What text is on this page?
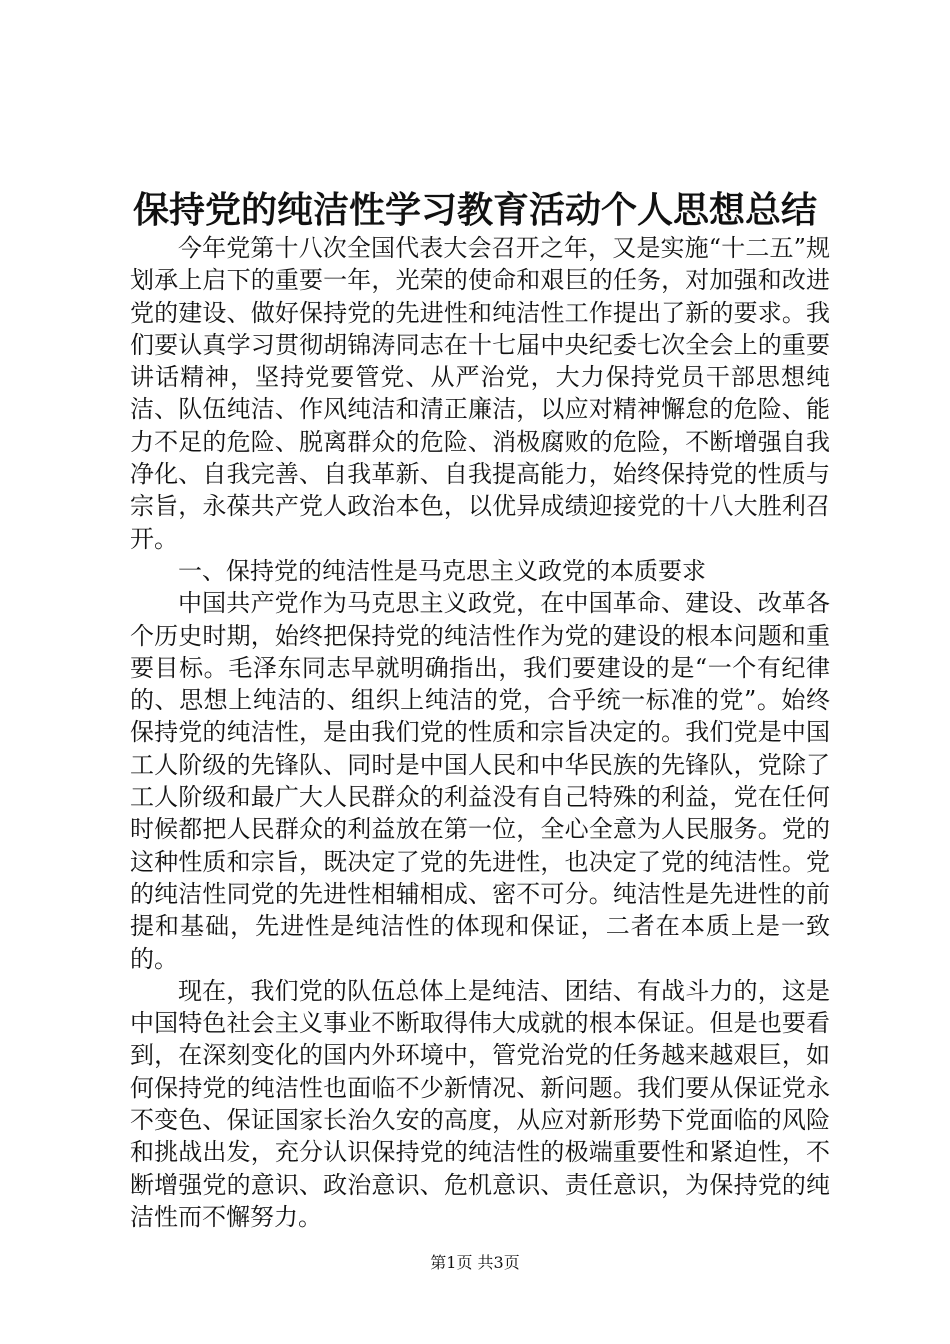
保持党的纯洁性学习教育活动个人思想总结

今年党第十八次全国代表大会召开之年，又是实施“十二五”规划承上启下的重要一年，光荣的使命和艰巨的任务，对加强和改进党的建设、做好保持党的先进性和纯洁性工作提出了新的要求。我们要认真学习贯彻胡锦涛同志在十七届中央纪委七次全会上的重要讲话精神，坚持党要管党、从严治党，大力保持党员干部思想纯洁、队伍纯洁、作风纯洁和清正廉洁，以应对精神懈怠的危险、能力不足的危险、脱离群众的危险、消极腐败的危险，不断增强自我净化、自我完善、自我革新、自我提高能力，始终保持党的性质与宗旨，永葆共产党人政治本色，以优异成绩迎接党的十八大胜利召开。

一、保持党的纯洁性是马克思主义政党的本质要求

中国共产党作为马克思主义政党，在中国革命、建设、改革各个历史时期，始终把保持党的纯洁性作为党的建设的根本问题和重要目标。毛泽东同志早就明确指出，我们要建设的是“一个有纪律的、思想上纯洁的、组织上纯洁的党，合乎统一标准的党”。始终保持党的纯洁性，是由我们党的性质和宗旨决定的。我们党是中国工人阶级的先锋队、同时是中国人民和中华民族的先锋队，党除了工人阶级和最广大人民群众的利益没有自己特殊的利益，党在任何时候都把人民群众的利益放在第一位，全心全意为人民服务。党的这种性质和宗旨，既决定了党的先进性，也决定了党的纯洁性。党的纯洁性同党的先进性相辅相成、密不可分。纯洁性是先进性的前提和基础，先进性是纯洁性的体现和保证，二者在本质上是一致的。

现在，我们党的队伍总体上是纯洁、团结、有战斗力的，这是中国特色社会主义事业不断取得伟大成就的根本保证。但是也要看到，在深刻变化的国内外环境中，管党治党的任务越来越艰巨，如何保持党的纯洁性也面临不少新情况、新问题。我们要从保证党永不变色、保证国家长治久安的高度，从应对新形势下党面临的风险和挑战出发，充分认识保持党的纯洁性的极端重要性和紧迫性，不断增强党的意识、政治意识、危机意识、责任意识，为保持党的纯洁性而不懈努力。

第1页 共3页
